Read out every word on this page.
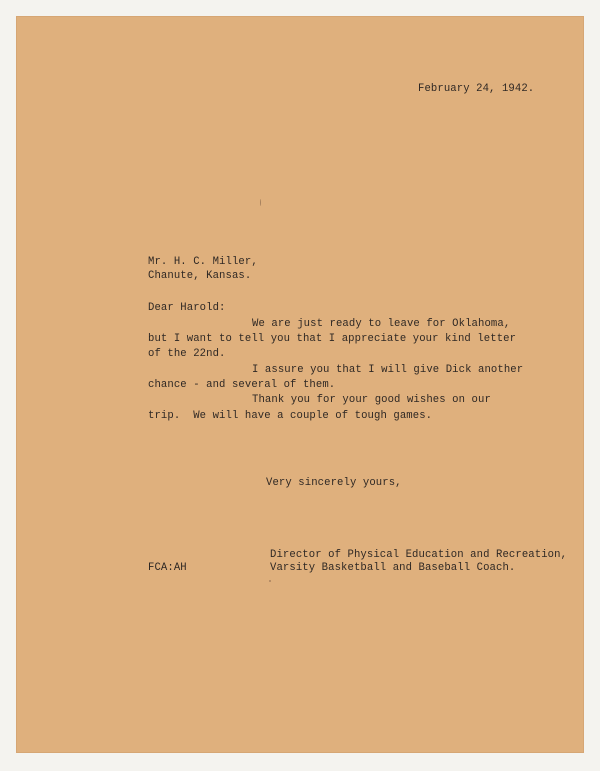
February 24, 1942.
Mr. H. C. Miller,
Chanute, Kansas.
Dear Harold:
We are just ready to leave for Oklahoma,
but I want to tell you that I appreciate your kind letter
of the 22nd.
I assure you that I will give Dick another
chance - and several of them.
Thank you for your good wishes on our
trip.  We will have a couple of tough games.
Very sincerely yours,
Director of Physical Education and Recreation,
FCA:AH	Varsity Basketball and Baseball Coach.
